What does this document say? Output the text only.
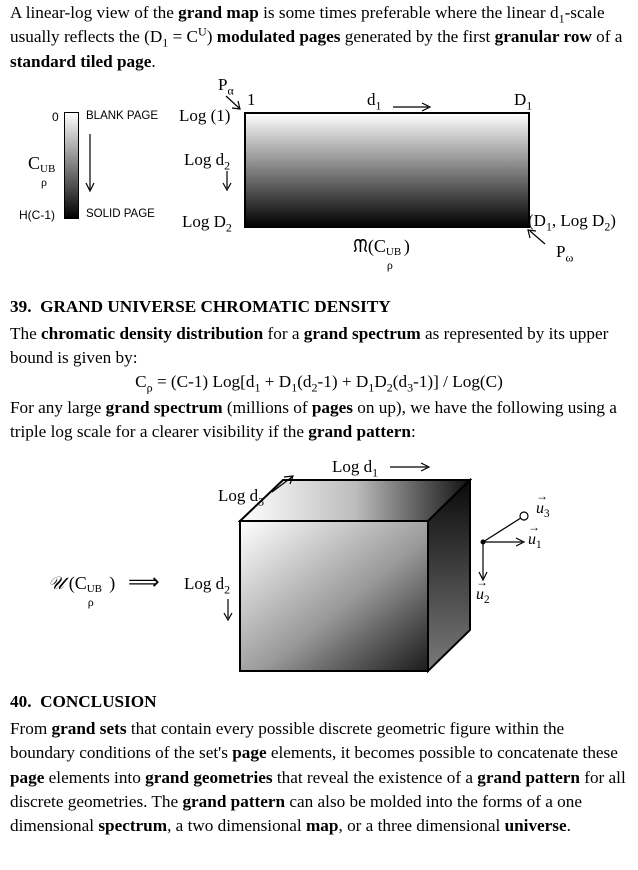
A linear-log view of the grand map is some times preferable where the linear $d_1$-scale usually reflects the $(D_1 = C^U)$ modulated pages generated by the first granular row of a standard tiled page.

0
H(C-1)
BLANK PAGE
SOLID PAGE
C UB
ρ
$P_\alpha$ 1	$d_1$	$D_1$
Log (1)
Log $d_2$
Log $D_2$	($D_1$, Log $D_2$)
$P_\omega$
ᙏ(C UB
ρ
)

39. GRAND UNIVERSE CHROMATIC DENSITY

The chromatic density distribution for a grand spectrum as represented by its upper bound is given by:

$C_\rho = (C-1) Log[d_1 + D_1(d_2-1) + D_1D_2(d_3-1)] / Log(C)$

For any large grand spectrum (millions of pages on up), we have the following using a triple log scale for a clearer visibility if the grand pattern:

Log $d_1$
Log $d_3$
Log $d_2$
𝒰 (C UB
ρ
) ⟹
→
$u_3$
→
$u_1$
→
$u_2$

40. CONCLUSION

From grand sets that contain every possible discrete geometric figure within the boundary conditions of the set's page elements, it becomes possible to concatenate these page elements into grand geometries that reveal the existence of a grand pattern for all discrete geometries. The grand pattern can also be molded into the forms of a one dimensional spectrum, a two dimensional map, or a three dimensional universe.
